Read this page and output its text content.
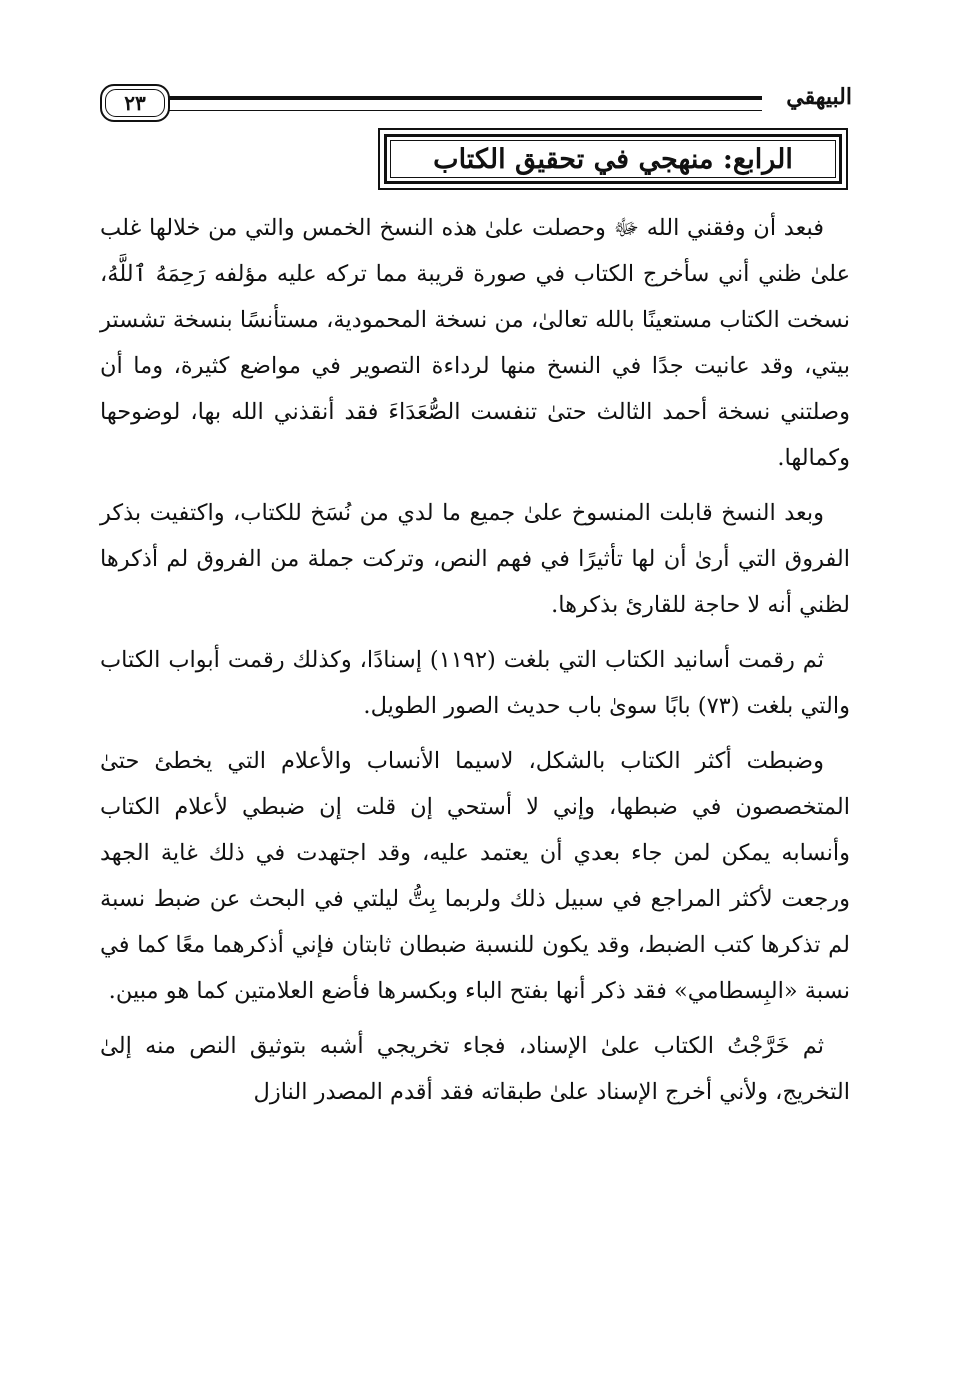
٢٣	البيهقي
الرابع: منهجي في تحقيق الكتاب

فبعد أن وفقني الله ﷻ وحصلت علىٰ هذه النسخ الخمس والتي من خلالها غلب علىٰ ظني أني سأخرج الكتاب في صورة قريبة مما تركه عليه مؤلفه رَحِمَهُ ٱللَّهُ، نسخت الكتاب مستعينًا بالله تعالىٰ، من نسخة المحمودية، مستأنسًا بنسخة تشستر بيتي، وقد عانيت جدًا في النسخ منها لرداءة التصوير في مواضع كثيرة، وما أن وصلتني نسخة أحمد الثالث حتىٰ تنفست الصُّعَدَاءَ فقد أنقذني الله بها، لوضوحها وكمالها.

وبعد النسخ قابلت المنسوخ علىٰ جميع ما لدي من نُسَخ للكتاب، واكتفيت بذكر الفروق التي أرىٰ أن لها تأثيرًا في فهم النص، وتركت جملة من الفروق لم أذكرها لظني أنه لا حاجة للقارئ بذكرها.

ثم رقمت أسانيد الكتاب التي بلغت (١١٩٢) إسنادًا، وكذلك رقمت أبواب الكتاب والتي بلغت (٧٣) بابًا سوىٰ باب حديث الصور الطويل.

وضبطت أكثر الكتاب بالشكل، لاسيما الأنساب والأعلام التي يخطئ حتىٰ المتخصصون في ضبطها، وإني لا أستحي إن قلت إن ضبطي لأعلام الكتاب وأنسابه يمكن لمن جاء بعدي أن يعتمد عليه، وقد اجتهدت في ذلك غاية الجهد ورجعت لأكثر المراجع في سبيل ذلك ولربما بِتُّ ليلتي في البحث عن ضبط نسبة لم تذكرها كتب الضبط، وقد يكون للنسبة ضبطان ثابتان فإني أذكرهما معًا كما في نسبة «البِسطامي» فقد ذكر أنها بفتح الباء وبكسرها فأضع العلامتين كما هو مبين.

ثم خَرَّجْتُ الكتاب علىٰ الإسناد، فجاء تخريجي أشبه بتوثيق النص منه إلىٰ التخريج، ولأني أخرج الإسناد علىٰ طبقاته فقد أقدم المصدر النازل
